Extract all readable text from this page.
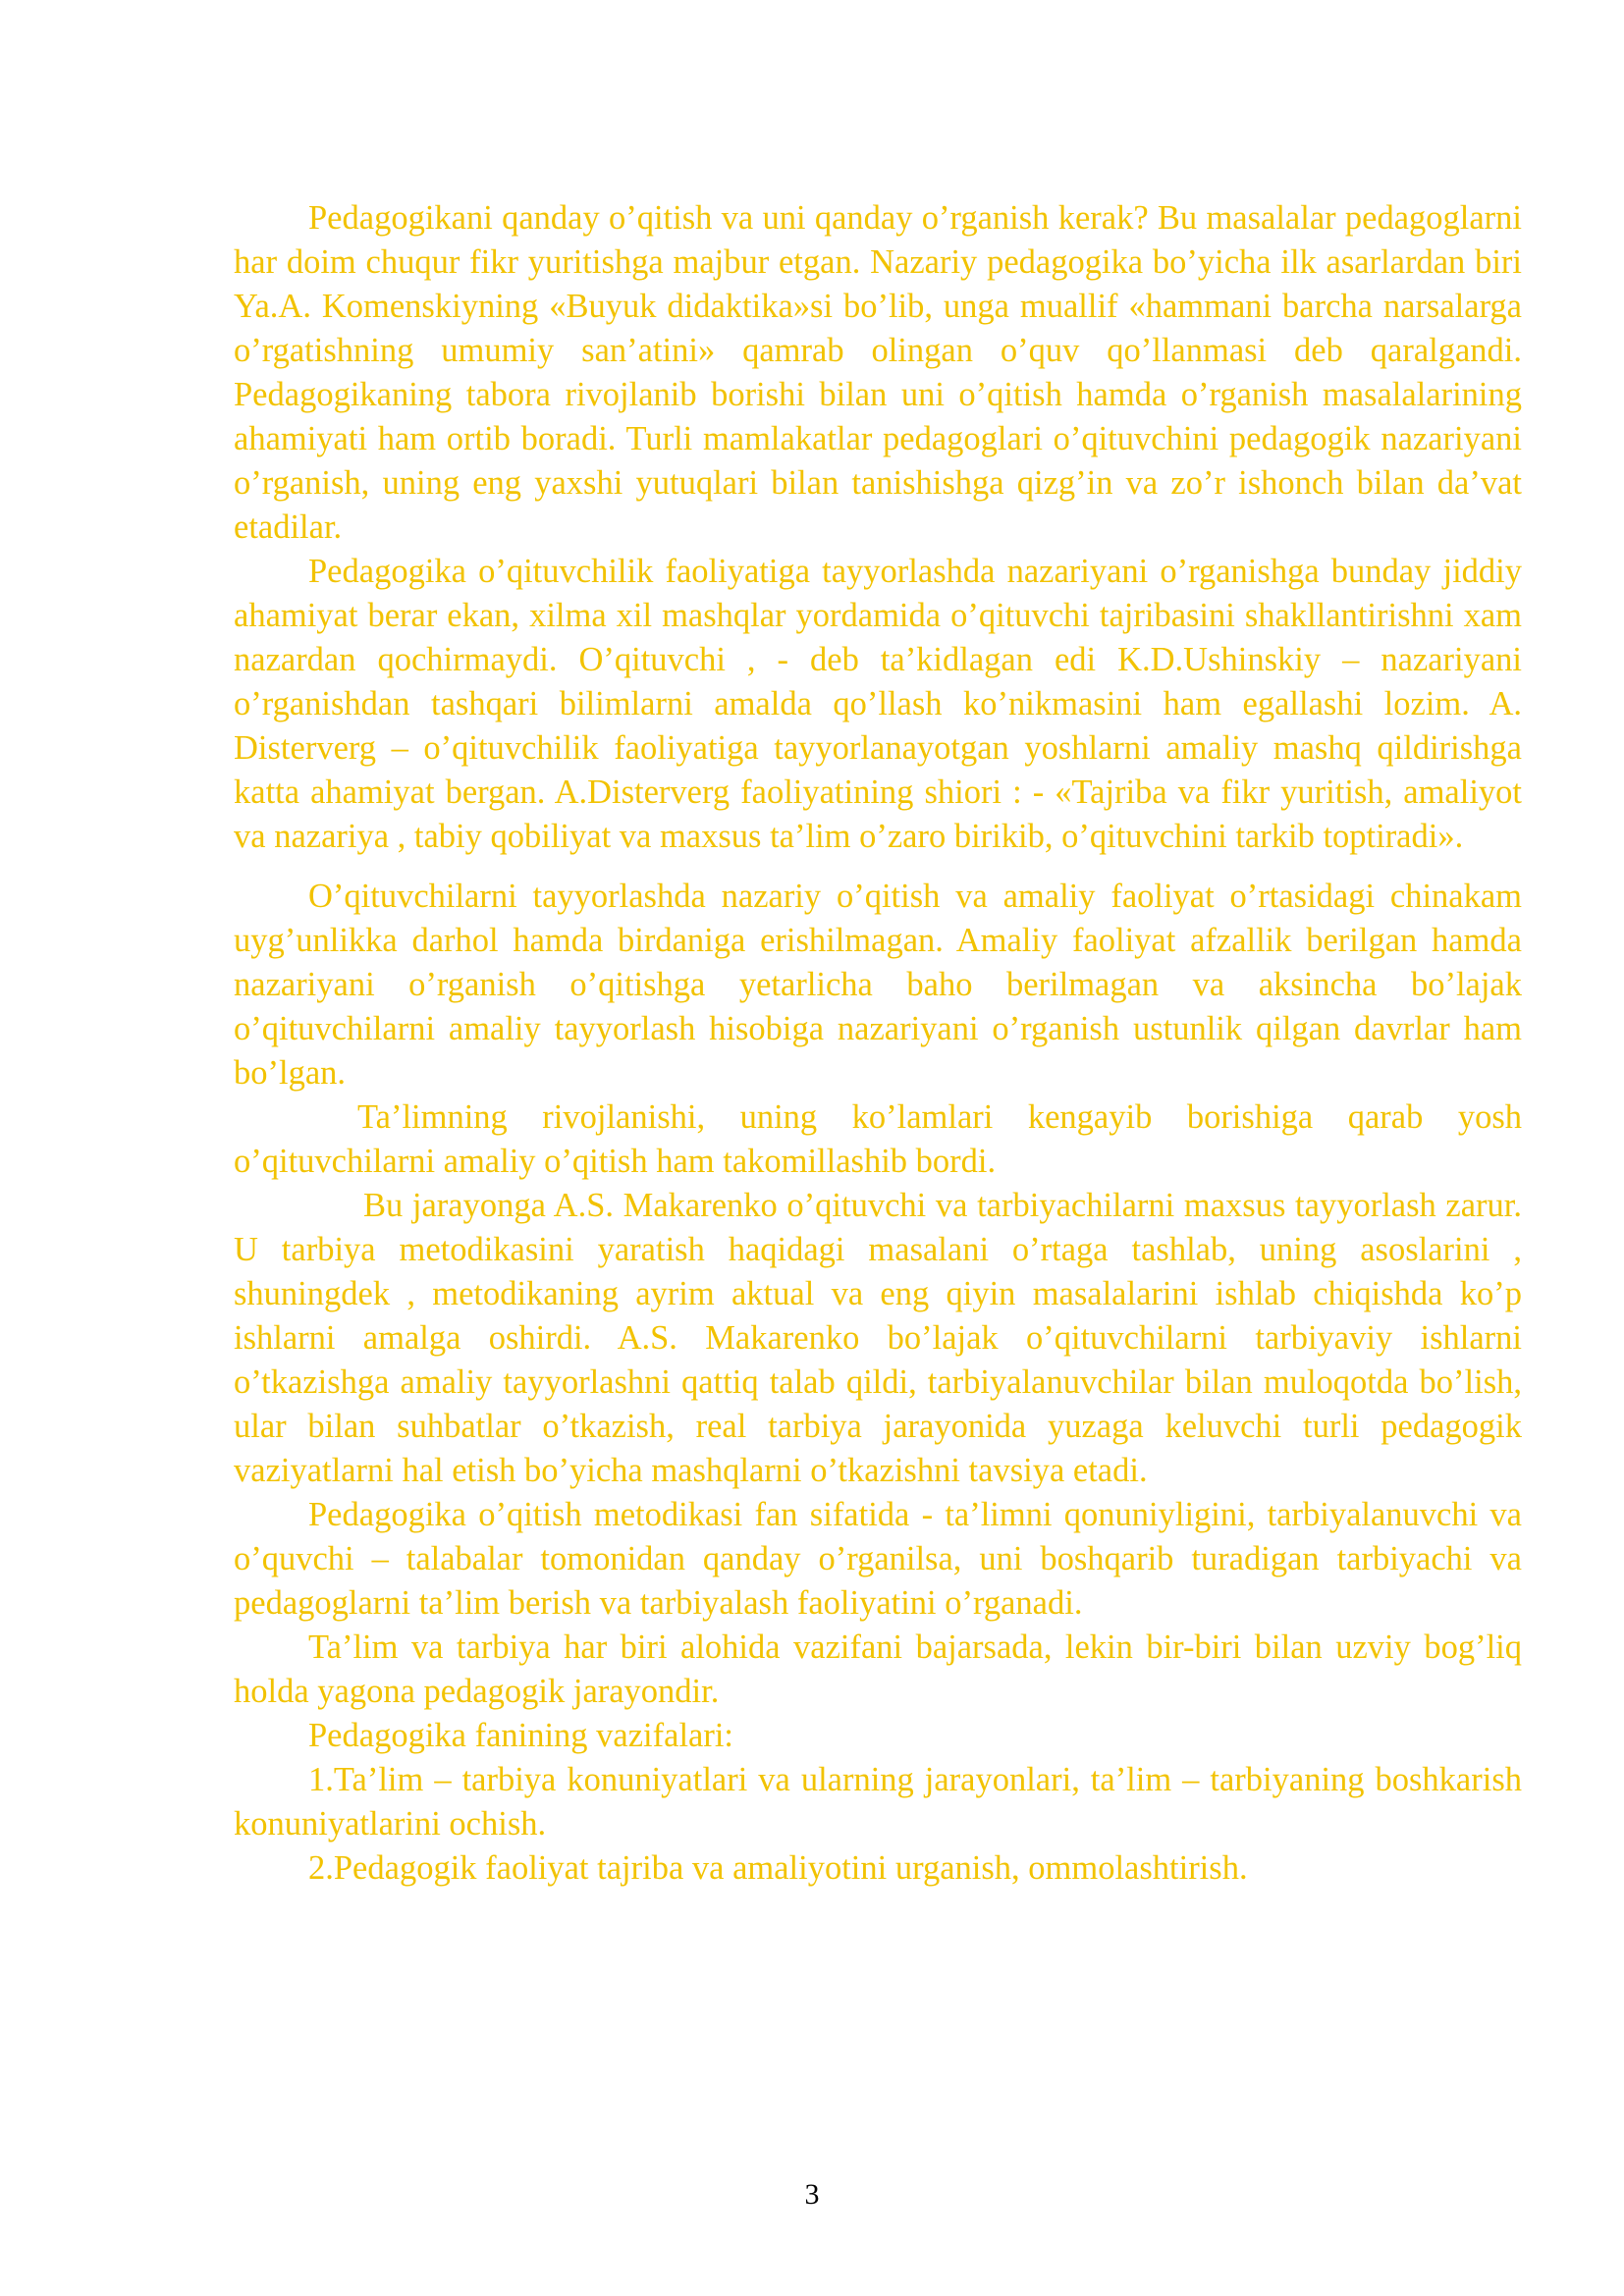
Pedagogikani qanday o’qitish va uni qanday o’rganish kerak? Bu masalalar pedagoglarni har doim chuqur fikr yuritishga majbur etgan. Nazariy pedagogika bo’yicha ilk asarlardan biri Ya.A. Komenskiyning «Buyuk didaktika»si bo’lib, unga muallif «hammani barcha narsalarga o’rgatishning umumiy san’atini» qamrab olingan o’quv qo’llanmasi deb qaralgandi. Pedagogikaning tabora rivojlanib borishi bilan uni o’qitish hamda o’rganish masalalarining ahamiyati ham ortib boradi. Turli mamlakatlar pedagoglari o’qituvchini pedagogik nazariyani o’rganish, uning eng yaxshi yutuqlari bilan tanishishga qizg’in va zo’r ishonch bilan da’vat etadilar.

Pedagogika o’qituvchilik faoliyatiga tayyorlashda nazariyani o’rganishga bunday jiddiy ahamiyat berar ekan, xilma xil mashqlar yordamida o’qituvchi tajribasini shakllantirishni xam nazardan qochirmaydi. O’qituvchi , - deb ta’kidlagan edi K.D.Ushinskiy – nazariyani o’rganishdan tashqari bilimlarni amalda qo’llash ko’nikmasini ham egallashi lozim. A. Disterverg – o’qituvchilik faoliyatiga tayyorlanayotgan yoshlarni amaliy mashq qildirishga katta ahamiyat bergan. A.Disterverg faoliyatining shiori : - «Tajriba va fikr yuritish, amaliyot va nazariya , tabiy qobiliyat va maxsus ta’lim o’zaro birikib, o’qituvchini tarkib toptiradi».

O’qituvchilarni tayyorlashda nazariy o’qitish va amaliy faoliyat o’rtasidagi chinakam uyg’unlikka darhol hamda birdaniga erishilmagan. Amaliy faoliyat afzallik berilgan hamda nazariyani o’rganish o’qitishga yetarlicha baho berilmagan va aksincha bo’lajak o’qituvchilarni amaliy tayyorlash hisobiga nazariyani o’rganish ustunlik qilgan davrlar ham bo’lgan.

Ta’limning rivojlanishi, uning ko’lamlari kengayib borishiga qarab yosh o’qituvchilarni amaliy o’qitish ham takomillashib bordi.

Bu jarayonga A.S. Makarenko o’qituvchi va tarbiyachilarni maxsus tayyorlash zarur. U tarbiya metodikasini yaratish haqidagi masalani o’rtaga tashlab, uning asoslarini , shuningdek , metodikaning ayrim aktual va eng qiyin masalalarini ishlab chiqishda ko’p ishlarni amalga oshirdi. A.S. Makarenko bo’lajak o’qituvchilarni tarbiyaviy ishlarni o’tkazishga amaliy tayyorlashni qattiq talab qildi, tarbiyalanuvchilar bilan muloqotda bo’lish, ular bilan suhbatlar o’tkazish, real tarbiya jarayonida yuzaga keluvchi turli pedagogik vaziyatlarni hal etish bo’yicha mashqlarni o’tkazishni tavsiya etadi.

Pedagogika o’qitish metodikasi fan sifatida - ta’limni qonuniyligini, tarbiyalanuvchi va o’quvchi – talabalar tomonidan qanday o’rganilsa, uni boshqarib turadigan tarbiyachi va pedagoglarni ta’lim berish va tarbiyalash faoliyatini o’rganadi.

Ta’lim va tarbiya har biri alohida vazifani bajarsada, lekin bir-biri bilan uzviy bog’liq holda yagona pedagogik jarayondir.

Pedagogika fanining vazifalari:

1.Ta’lim – tarbiya konuniyatlari va ularning jarayonlari, ta’lim – tarbiyaning boshkarish konuniyatlarini ochish.

2.Pedagogik faoliyat tajriba va amaliyotini urganish, ommolashtirish.

3
